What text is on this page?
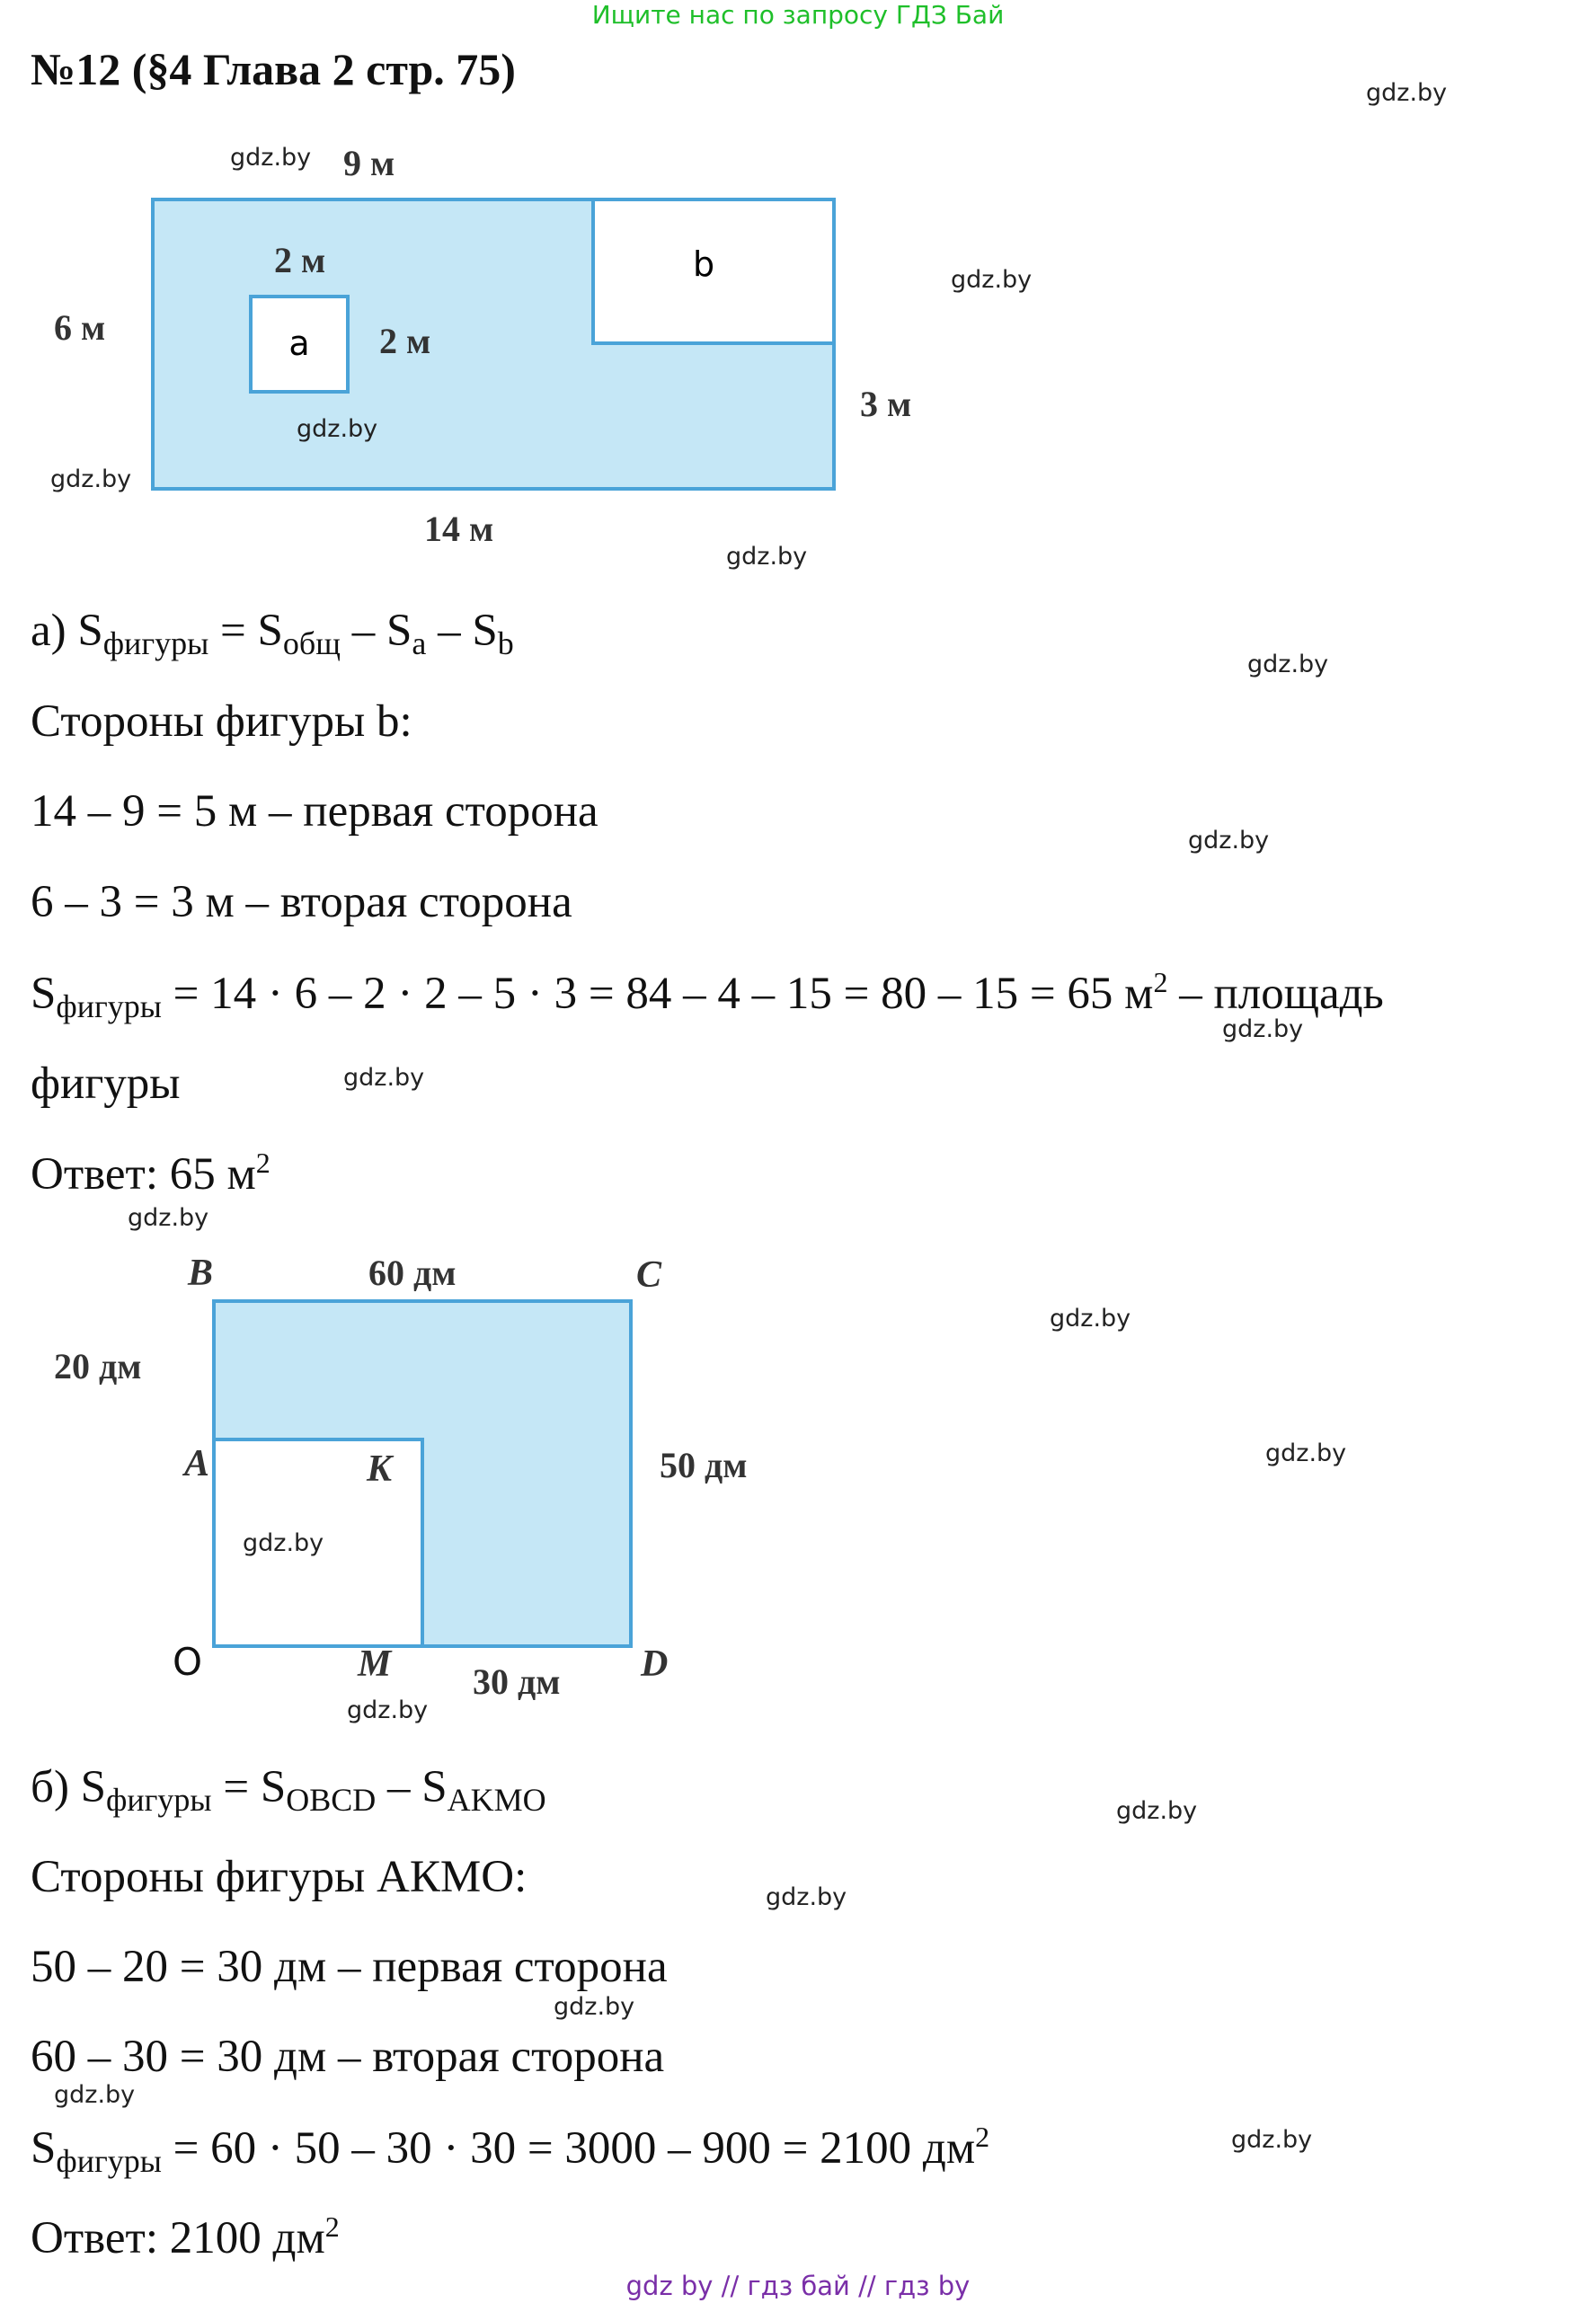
Ищите нас по запросу ГДЗ Бай
№12 (§4 Глава 2 стр. 75)
a
b
9 м
6 м
2 м
2 м
3 м
14 м
B	C
A	K
O	M	D
60 дм
20 дм
50 дм
30 дм
а) $S_{фигуры} = S_{общ} - S_a - S_b$
Стороны фигуры b:
14 – 9 = 5 м – первая сторона
6 – 3 = 3 м – вторая сторона
$S_{фигуры} = 14 \cdot 6 - 2 \cdot 2 - 5 \cdot 3 = 84 - 4 - 15 = 80 - 15 = 65$ $м^2$ – площадь
фигуры
Ответ: 65 $м^2$
б) $S_{фигуры} = S_{OBCD} - S_{AKMO}$
Стороны фигуры АКМО:
50 – 20 = 30 дм – первая сторона
60 – 30 = 30 дм – вторая сторона
$S_{фигуры} = 60 \cdot 50 - 30 \cdot 30 = 3000 - 900 = 2100$ $дм^2$
Ответ: 2100 $дм^2$
gdz.by
gdz.by
gdz.by
gdz.by
gdz.by
gdz.by
gdz.by
gdz.by
gdz.by
gdz.by
gdz.by
gdz.by
gdz.by
gdz.by
gdz.by
gdz.by
gdz.by
gdz.by
gdz.by
gdz.by
gdz by // гдз бай // гдз by
